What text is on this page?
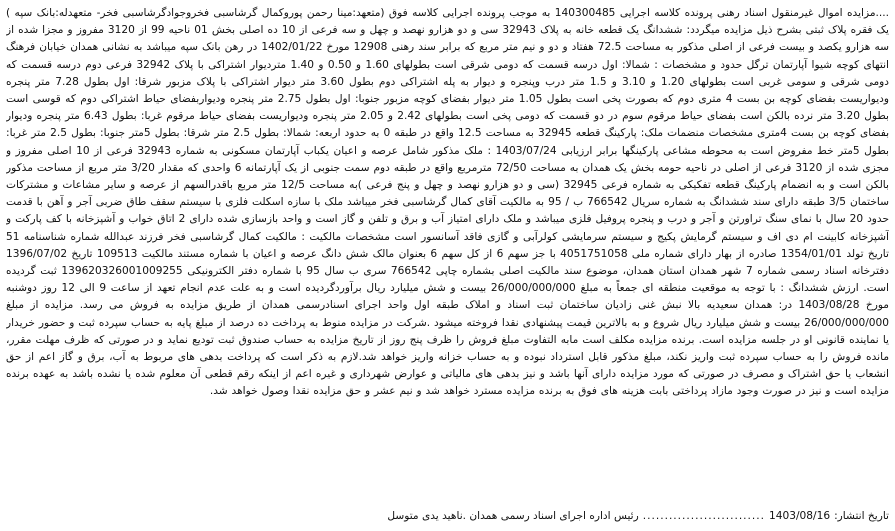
....مزایده اموال غیرمنقول اسناد رهنی پرونده کلاسه اجرایی 140300485 به موجب پرونده اجرایی کلاسه فوق (متعهد:مینا رحمن پوروکمال گرشاسبی فخروجوادگرشاسبی فخر- متعهدله:بانک سپه ) یک فقره پلاک ثبتی بشرح ذیل مزایده میگردد: ششدانگ یک قطعه خانه به پلاک 32943 سی و دو هزارو نهصد و چهل و سه فرعی از 10 ده اصلی بخش 01 ناحیه 99 از 3120 مفروز و مجزا شده از سه هزارو یکصد و بیست فرعی از اصلی مذکور به مساحت 72.5 هفتاد و دو و نیم متر مربع که برابر سند رهنی 12908 مورخ 1402/01/22 در رهن بانک سپه میباشد به نشانی همدان خیابان فرهنگ انتهای کوچه شیوا آپارتمان ترگل حدود و مشخصات : شمالا: اول درسه قسمت که دومی شرقی است بطولهای 1.60 و 0.50 و 1.40 متردیوار اشتراکی با پلاک 32942 فرعی دوم درسه قسمت که دومی شرقی و سومی غربی است بطولهای 1.20 و 3.10 و 1.5 متر درب وپنجره و دیوار به پله اشتراکی دوم بطول 3.60 متر دیوار اشتراکی با پلاک مزبور شرقا: اول بطول 7.28 متر پنجره ودیواریست بفضای کوچه بن بست 4 متری دوم که بصورت پخی است بطول 1.05 متر دیوار بفضای کوچه مزبور جنوبا: اول بطول 2.75 متر پنجره ودیواربفضای حیاط اشتراکی دوم که قوسی است بطول 3.20 متر نرده بالکن است بفضای حیاط مرقوم سوم در دو قسمت که دومی پخی است بطولهای 2.42 و 2.05 متر پنجره ودیواریست بفضای حیاط مرقوم غربا: بطول 6.43 متر پنجره ودیوار بفضای کوچه بن بست 4متری مشخصات منضمات ملک: پارکینگ قطعه 32945 به مساحت 12.5 واقع در طبقه 0 به حدود اربعه: شمالا: بطول 2.5 متر شرقا: بطول 5متر جنوبا: بطول 2.5 متر غربا: بطول 5متر خط مفروض است به محوطه مشاعی پارکینگها برابر ارزیابی 1403/07/24 : ملک مذکور شامل عرصه و اعیان یکباب آپارتمان مسکونی به شماره 32943 فرعی از 10 اصلی مفروز و مجزی شده از 3120 فرعی از اصلی در ناحیه حومه بخش یک همدان به مساحت 72/50 مترمربع واقع در طبقه دوم سمت جنوبی از یک آپارتمانه 6 واحدی که مقدار 3/20 متر مربع از مساحت مذکور بالکن است و به انضمام پارکینگ قطعه تفکیکی به شماره فرعی 32945 (سی و دو هزارو نهصد و چهل و پنج فرعی )به مساحت 12/5 متر مربع باقدرالسهم از عرصه و سایر مشاعات و مشترکات ساختمان 3/5 طبقه دارای سند ششدانگ به شماره سریال 766542 ب / 95 به مالکیت آقای کمال گرشاسبی فخر میباشد ملک با سازه اسکلت فلزی با سیستم سقف طاق ضربی آجر و آهن با قدمت حدود 20 سال با نمای سنگ تراورتن و آجر و درب و پنجره پروفیل فلزی میباشد و ملک دارای امتیاز آب و برق و تلفن و گاز است و واحد بازسازی شده دارای 2 اتاق خواب و آشپزخانه با کف پارکت و آشپزخانه کابینت ام دی اف و سیستم گرمایش پکیج و سیستم سرمایشی کولرآبی و گازی فاقد آسانسور است مشخصات مالکیت : مالکیت کمال گرشاسبی فخر فرزند عبدالله شماره شناسنامه 51 تاریخ تولد 1354/01/01 صادره از بهار دارای شماره ملی 4051751058 با جز سهم 6 از کل سهم 6 بعنوان مالک شش دانگ عرصه و اعیان با شماره مستند مالکیت 109513 تاریخ 1396/07/02 دفترخانه اسناد رسمی شماره 7 شهر همدان استان همدان، موضوع سند مالکیت اصلی بشماره چاپی 766542 سری ب سال 95 با شماره دفتر الکترونیکی 139620326001009255 ثبت گردیده است. ارزش ششدانگ : با توجه به موقعیت منطقه ای جمعاً به مبلغ 26/000/000/000 بیست و شش میلیارد ریال برآوردگردیده است و به علت عدم انجام تعهد از ساعت 9 الی 12 روز دوشنبه مورخ 1403/08/28 در: همدان سعیدیه بالا نبش غنی زادیان ساختمان ثبت اسناد و املاک طبقه اول واحد اجرای اسنادرسمی همدان از طریق مزایده به فروش می رسد. مزایده از مبلغ 26/000/000/000 بیست و شش میلیارد ریال شروع و به بالاترین قیمت پیشنهادی نقدا فروخته میشود .شرکت در مزایده منوط به پرداخت ده درصد از مبلغ پایه به حساب سپرده ثبت و حضور خریدار یا نماینده قانونی او در جلسه مزایده است. برنده مزایده مکلف است مابه التفاوت مبلغ فروش را ظرف پنج روز از تاریخ مزایده به حساب صندوق ثبت تودیع نماید و در صورتی که ظرف مهلت مقرر، مانده فروش را به حساب سپرده ثبت واریز نکند، مبلغ مذکور قابل استرداد نبوده و به حساب خزانه واریز خواهد شد.لازم به ذکر است که پرداخت بدهی های مربوط به آب، برق و گاز اعم از حق انشعاب یا حق اشتراک و مصرف در صورتی که مورد مزایده دارای آنها باشد و نیز بدهی های مالیاتی و عوارض شهرداری و غیره اعم از اینکه رقم قطعی آن معلوم شده یا نشده باشد به عهده برنده مزایده است و نیز در صورت وجود مازاد پرداختی بابت هزینه های فوق به برنده مزایده مسترد خواهد شد و نیم عشر و حق مزایده نقدا وصول خواهد شد.

تاریخ انتشار:1403/08/16............................رئیس اداره اجرای اسناد رسمی همدان .ناهید یدی متوسل
